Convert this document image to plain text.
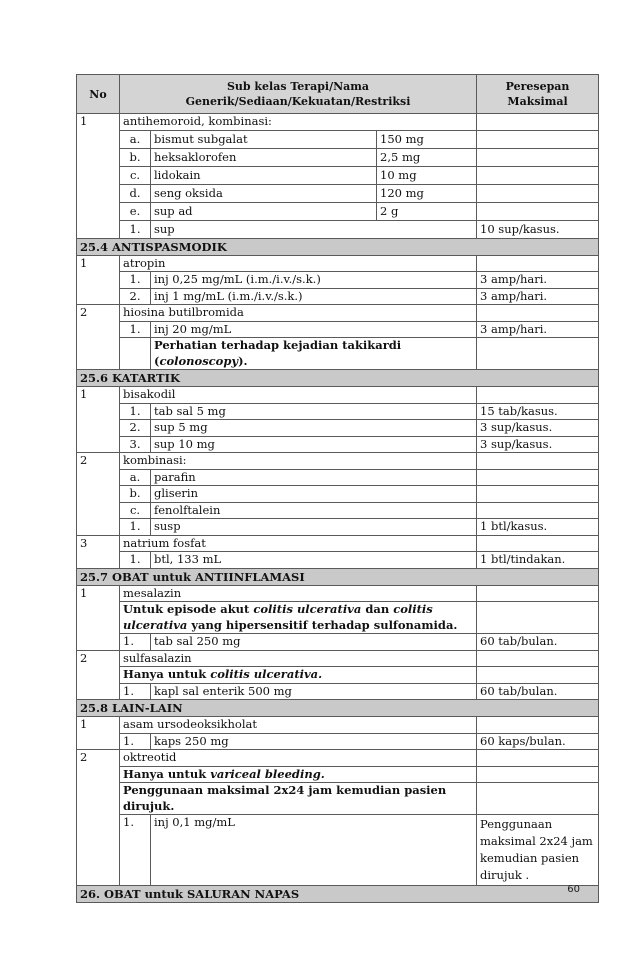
No	Sub kelas Terapi/Nama
Generik/Sediaan/Kekuatan/Restriksi			Peresepan
Maksimal
1	antihemoroid, kombinasi:			
	a.	bismut subgalat	150 mg	
	b.	heksaklorofen	2,5 mg	
	c.	lidokain	10 mg	
	d.	seng oksida	120 mg	
	e.	sup ad	2 g	
	1.	sup		10 sup/kasus.
25.4 ANTISPASMODIK				
1	atropin			
	1.	inj 0,25 mg/mL (i.m./i.v./s.k.)		3 amp/hari.
	2.	inj 1 mg/mL (i.m./i.v./s.k.)		3 amp/hari.
2	hiosina butilbromida			
	1.	inj 20 mg/mL		3 amp/hari.
		Perhatian terhadap kejadian takikardi (colonoscopy).		
25.6 KATARTIK				
1	bisakodil			
	1.	tab sal 5 mg		15 tab/kasus.
	2.	sup 5 mg		3 sup/kasus.
	3.	sup 10 mg		3 sup/kasus.
2	kombinasi:			
	a.	parafin		
	b.	gliserin		
	c.	fenolftalein		
	1.	susp		1 btl/kasus.
3	natrium fosfat			
	1.	btl, 133 mL		1 btl/tindakan.
25.7 OBAT untuk ANTIINFLAMASI				
1	mesalazin			
	Untuk episode akut colitis ulcerativa dan colitis ulcerativa yang hipersensitif terhadap sulfonamida.			
	1.	tab sal 250 mg		60 tab/bulan.
2	sulfasalazin			
	Hanya untuk colitis ulcerativa.			
	1.	kapl sal enterik 500 mg		60 tab/bulan.
25.8 LAIN-LAIN				
1	asam ursodeoksikholat			
	1.	kaps 250 mg		60 kaps/bulan.
2	oktreotid			
	Hanya untuk variceal bleeding.			
	Penggunaan maksimal 2x24 jam kemudian pasien dirujuk.			
	1.	inj 0,1 mg/mL		Penggunaan maksimal 2x24 jam kemudian pasien dirujuk .
26. OBAT untuk SALURAN NAPAS					60
